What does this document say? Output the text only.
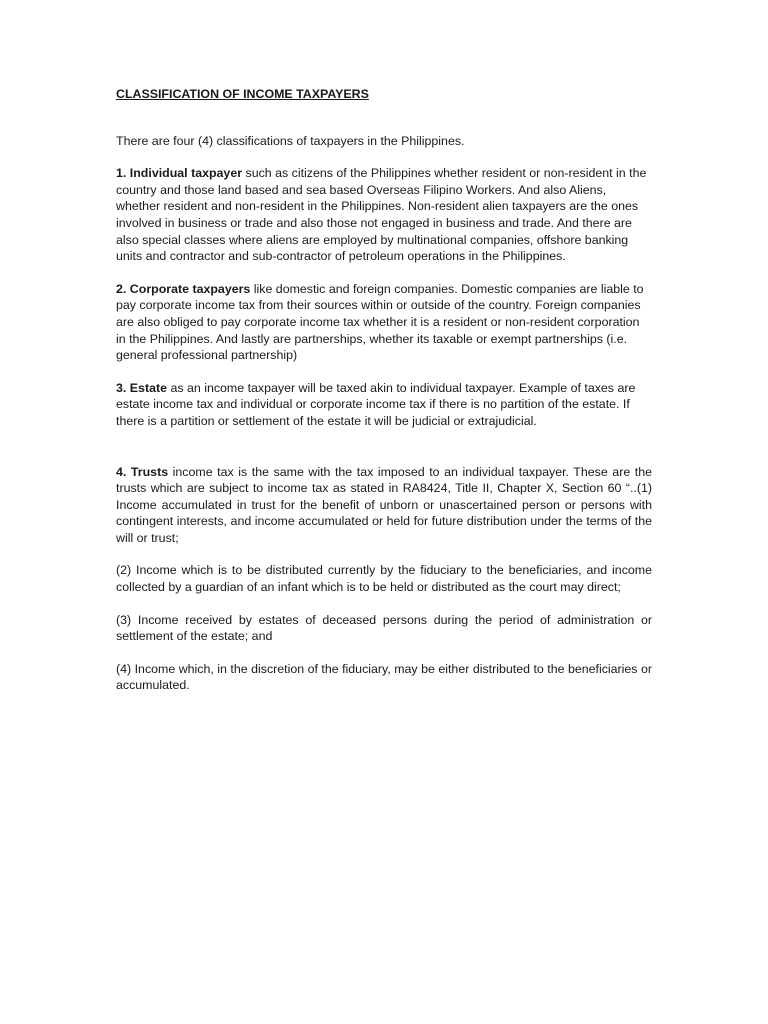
CLASSIFICATION OF INCOME TAXPAYERS

There are four (4) classifications of taxpayers in the Philippines.

1. Individual taxpayer such as citizens of the Philippines whether resident or non-resident in the country and those land based and sea based Overseas Filipino Workers. And also Aliens, whether resident and non-resident in the Philippines. Non-resident alien taxpayers are the ones involved in business or trade and also those not engaged in business and trade. And there are also special classes where aliens are employed by multinational companies, offshore banking units and contractor and sub-contractor of petroleum operations in the Philippines.

2. Corporate taxpayers like domestic and foreign companies. Domestic companies are liable to pay corporate income tax from their sources within or outside of the country. Foreign companies are also obliged to pay corporate income tax whether it is a resident or non-resident corporation in the Philippines. And lastly are partnerships, whether its taxable or exempt partnerships (i.e. general professional partnership)

3. Estate as an income taxpayer will be taxed akin to individual taxpayer. Example of taxes are estate income tax and individual or corporate income tax if there is no partition of the estate. If there is a partition or settlement of the estate it will be judicial or extrajudicial.

4. Trusts income tax is the same with the tax imposed to an individual taxpayer. These are the trusts which are subject to income tax as stated in RA8424, Title II, Chapter X, Section 60 “..(1) Income accumulated in trust for the benefit of unborn or unascertained person or persons with contingent interests, and income accumulated or held for future distribution under the terms of the will or trust;

(2) Income which is to be distributed currently by the fiduciary to the beneficiaries, and income collected by a guardian of an infant which is to be held or distributed as the court may direct;

(3) Income received by estates of deceased persons during the period of administration or settlement of the estate; and

(4) Income which, in the discretion of the fiduciary, may be either distributed to the beneficiaries or accumulated.
